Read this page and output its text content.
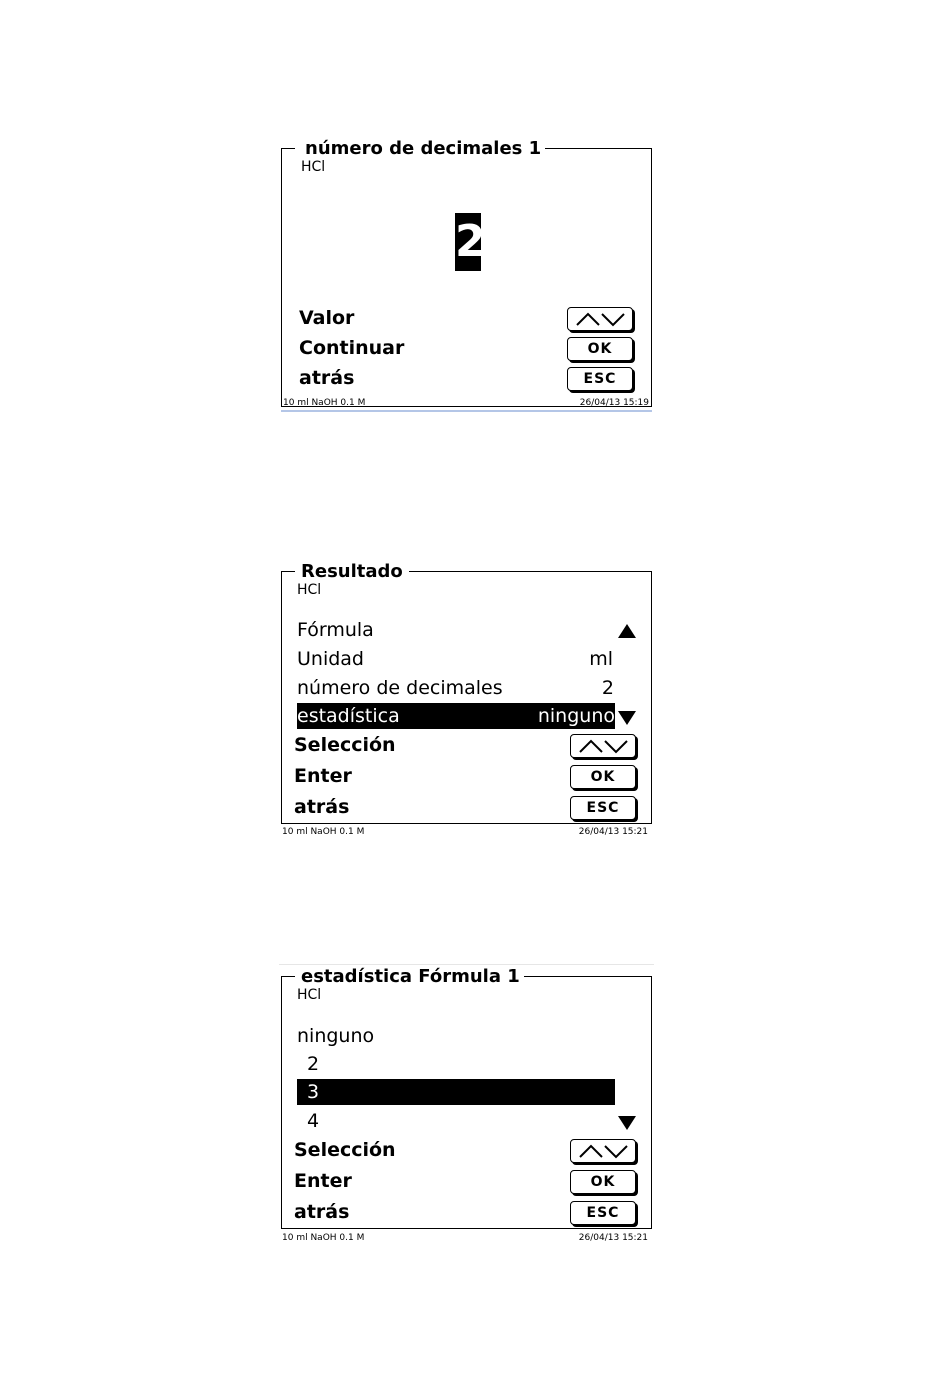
número de decimales 1
HCl
2
Valor
Continuar	OK
atrás	ESC
10 ml NaOH 0.1 M	26/04/13 15:19
Resultado
HCl
Fórmula
Unidad	ml
número de decimales	2
estadística	ninguno
Selección
Enter	OK
atrás	ESC
10 ml NaOH 0.1 M	26/04/13 15:21
estadística Fórmula 1
HCl
ninguno
2
3
4
Selección
Enter	OK
atrás	ESC
10 ml NaOH 0.1 M	26/04/13 15:21
